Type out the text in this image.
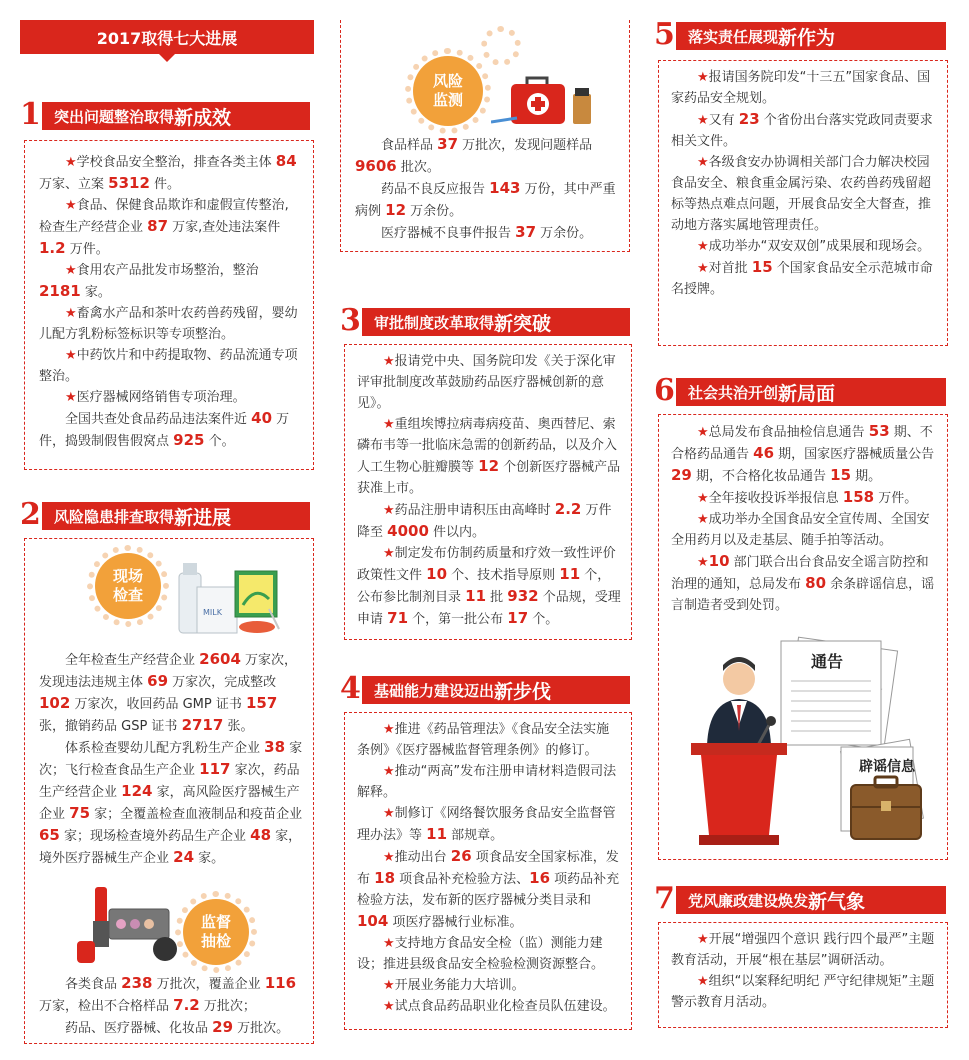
2017取得七大进展
1 突出问题整治取得 新成效

★学校食品安全整治，排查各类主体 84 万家、立案 5312 件。

★食品、保健食品欺诈和虚假宣传整治,检查生产经营企业 87 万家,查处违法案件 1.2 万件。

★食用农产品批发市场整治，整治 2181 家。

★畜禽水产品和茶叶农药兽药残留，婴幼儿配方乳粉标签标识等专项整治。

★中药饮片和中药提取物、药品流通专项整治。

★医疗器械网络销售专项治理。

全国共查处食品药品违法案件近 40 万件，捣毁制假售假窝点 925 个。

2 风险隐患排查取得 新进展
现场检查
MILK

全年检查生产经营企业 2604 万家次，发现违法违规主体 69 万家次，完成整改 102 万家次，收回药品 GMP 证书 157 张，撤销药品 GSP 证书 2717 张。

体系检查婴幼儿配方乳粉生产企业 38 家次；飞行检查食品生产企业 117 家次，药品生产经营企业 124 家，高风险医疗器械生产企业 75 家；全覆盖检查血液制品和疫苗企业 65 家；现场检查境外药品生产企业 48 家，境外医疗器械生产企业 24 家。

监督抽检

各类食品 238 万批次，覆盖企业 116 万家，检出不合格样品 7.2 万批次；

药品、医疗器械、化妆品 29 万批次。

风险监测

食品样品 37 万批次，发现问题样品 9606 批次。

药品不良反应报告 143 万份，其中严重病例 12 万余份。

医疗器械不良事件报告 37 万余份。

3 审批制度改革取得 新突破

★报请党中央、国务院印发《关于深化审评审批制度改革鼓励药品医疗器械创新的意见》。

★重组埃博拉病毒病疫苗、奥西替尼、索磷布韦等一批临床急需的创新药品，以及介入人工生物心脏瓣膜等 12 个创新医疗器械产品获准上市。

★药品注册申请积压由高峰时 2.2 万件降至 4000 件以内。

★制定发布仿制药质量和疗效一致性评价政策性文件 10 个、技术指导原则 11 个，公布参比制剂目录 11 批 932 个品规，受理申请 71 个，第一批公布 17 个。

4 基础能力建设迈出 新步伐

★推进《药品管理法》《食品安全法实施条例》《医疗器械监督管理条例》的修订。

★推动“两高”发布注册申请材料造假司法解释。

★制修订《网络餐饮服务食品安全监督管理办法》等 11 部规章。

★推动出台 26 项食品安全国家标准，发布 18 项食品补充检验方法、16 项药品补充检验方法，发布新的医疗器械分类目录和 104 项医疗器械行业标准。

★支持地方食品安全检（监）测能力建设；推进县级食品安全检验检测资源整合。

★开展业务能力大培训。

★试点食品药品职业化检查员队伍建设。

5 落实责任展现 新作为

★报请国务院印发“十三五”国家食品、国家药品安全规划。

★又有 23 个省份出台落实党政同责要求相关文件。

★各级食安办协调相关部门合力解决校园食品安全、粮食重金属污染、农药兽药残留超标等热点难点问题，开展食品安全大督查，推动地方落实属地管理责任。

★成功举办“双安双创”成果展和现场会。

★对首批 15 个国家食品安全示范城市命名授牌。

6 社会共治开创 新局面

★总局发布食品抽检信息通告 53 期、不合格药品通告 46 期，国家医疗器械质量公告 29 期，不合格化妆品通告 15 期。

★全年接收投诉举报信息 158 万件。

★成功举办全国食品安全宣传周、全国安全用药月以及走基层、随手拍等活动。

★10 部门联合出台食品安全谣言防控和治理的通知，总局发布 80 余条辟谣信息，谣言制造者受到处罚。

通告
辟谣信息
7 党风廉政建设焕发 新气象

★开展“增强四个意识 践行四个最严”主题教育活动，开展“根在基层”调研活动。

★组织“以案释纪明纪 严守纪律规矩”主题警示教育月活动。
